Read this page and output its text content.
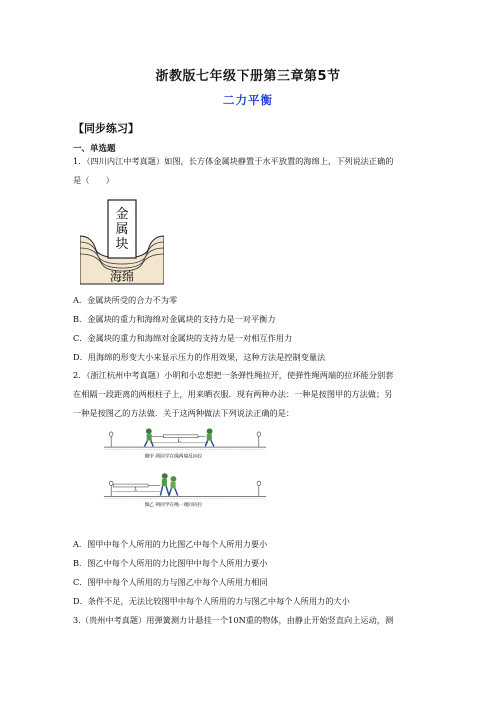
浙教版七年级下册第三章第5节
二力平衡
【同步练习】
一、单选题
1．（四川内江中考真题）如图，长方体金属块静置于水平放置的海绵上，下列说法正确的
是（　　）
金
属
块
海绵
A．金属块所受的合力不为零
B．金属块的重力和海绵对金属块的支持力是一对平衡力
C．金属块的重力和海绵对金属块的支持力是一对相互作用力
D．用海绵的形变大小来显示压力的作用效果，这种方法是控制变量法
2．（浙江杭州中考真题）小明和小忠想把一条弹性绳拉开，使弹性绳两端的拉环能分别套
在相隔一段距离的两根柱子上，用来晒衣服．现有两种办法：一种是按图甲的方法做；另
一种是按图乙的方法做．关于这两种做法下列说法正确的是：
L
图甲 两同学在绳两端反向拉
L
图乙 两同学在绳一端同向拉
A．图甲中每个人所用的力比图乙中每个人所用力要小
B．图乙中每个人所用的力比图甲中每个人所用力要小
C．图甲中每个人所用的力与图乙中每个人所用力相同
D．条件不足，无法比较图甲中每个人所用的力与图乙中每个人所用力的大小
3.（贵州中考真题）用弹簧测力计悬挂一个10N重的物体，由静止开始竖直向上运动，测
